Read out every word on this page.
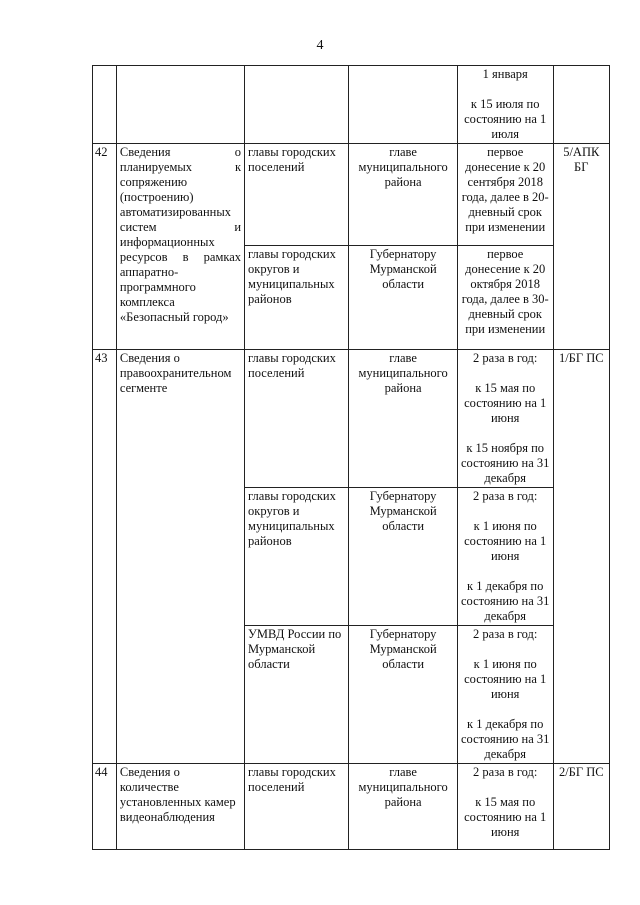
4

				1 января
к 15 июля по состоянию на 1 июля	

42	Сведения о планируемых к сопряжению (построению) автоматизированных систем и информационных ресурсов в рамках аппаратно-программного комплекса «Безопасный город»	главы городских поселений	главе муниципального района	первое донесение к 20 сентября 2018 года, далее в 20-дневный срок при изменении	5/АПК БГ
		главы городских округов и муниципальных районов	Губернатору Мурманской области	первое донесение к 20 октября 2018 года, далее в 30-дневный срок при изменении	
43	Сведения о правоохранительном сегменте	главы городских поселений	главе муниципального района	2 раза в год:
к 15 мая по состоянию на 1 июня
к 15 ноября по состоянию на 31 декабря	1/БГ ПС
		главы городских округов и муниципальных районов	Губернатору Мурманской области	2 раза в год:
к 1 июня по состоянию на 1 июня
к 1 декабря по состоянию на 31 декабря	

		УМВД России по Мурманской области	Губернатору Мурманской области	2 раза в год:
к 1 июня по состоянию на 1 июня
к 1 декабря по состоянию на 31 декабря	

44	Сведения о количестве установленных камер видеонаблюдения	главы городских поселений	главе муниципального района	2 раза в год:
к 15 мая по состоянию на 1 июня	2/БГ ПС
